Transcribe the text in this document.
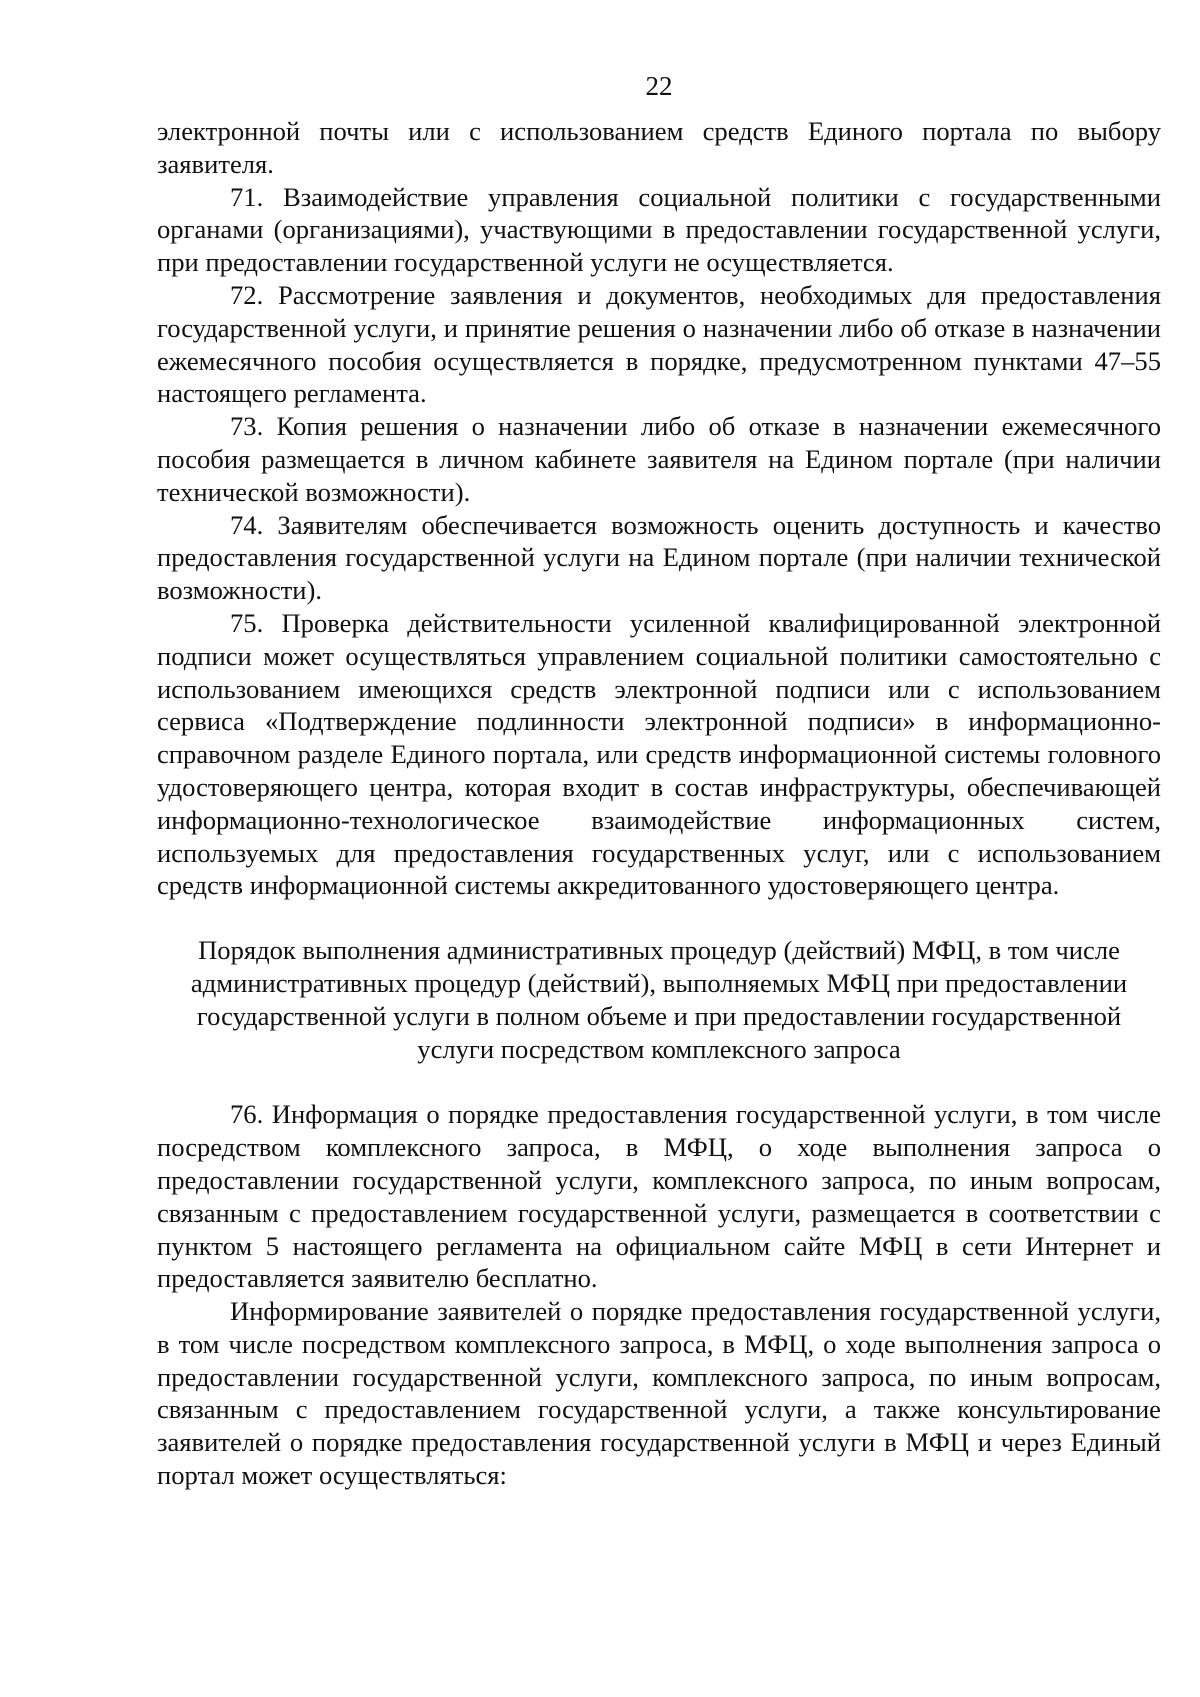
22

электронной почты или с использованием средств Единого портала по выбору заявителя.

71. Взаимодействие управления социальной политики с государственными органами (организациями), участвующими в предоставлении государственной услуги, при предоставлении государственной услуги не осуществляется.

72. Рассмотрение заявления и документов, необходимых для предоставления государственной услуги, и принятие решения о назначении либо об отказе в назначении ежемесячного пособия осуществляется в порядке, предусмотренном пунктами 47–55 настоящего регламента.

73. Копия решения о назначении либо об отказе в назначении ежемесячного пособия размещается в личном кабинете заявителя на Едином портале (при наличии технической возможности).

74. Заявителям обеспечивается возможность оценить доступность и качество предоставления государственной услуги на Едином портале (при наличии технической возможности).

75. Проверка действительности усиленной квалифицированной электронной подписи может осуществляться управлением социальной политики самостоятельно с использованием имеющихся средств электронной подписи или с использованием сервиса «Подтверждение подлинности электронной подписи» в информационно-справочном разделе Единого портала, или средств информационной системы головного удостоверяющего центра, которая входит в состав инфраструктуры, обеспечивающей информационно-технологическое взаимодействие информационных систем, используемых для предоставления государственных услуг, или с использованием средств информационной системы аккредитованного удостоверяющего центра.

Порядок выполнения административных процедур (действий) МФЦ, в том числе
административных процедур (действий), выполняемых МФЦ при предоставлении
государственной услуги в полном объеме и при предоставлении государственной
услуги посредством комплексного запроса

76. Информация о порядке предоставления государственной услуги, в том числе посредством комплексного запроса, в МФЦ, о ходе выполнения запроса о предоставлении государственной услуги, комплексного запроса, по иным вопросам, связанным с предоставлением государственной услуги, размещается в соответствии с пунктом 5 настоящего регламента на официальном сайте МФЦ в сети Интернет и предоставляется заявителю бесплатно.

Информирование заявителей о порядке предоставления государственной услуги, в том числе посредством комплексного запроса, в МФЦ, о ходе выполнения запроса о предоставлении государственной услуги, комплексного запроса, по иным вопросам, связанным с предоставлением государственной услуги, а также консультирование заявителей о порядке предоставления государственной услуги в МФЦ и через Единый портал может осуществляться:
